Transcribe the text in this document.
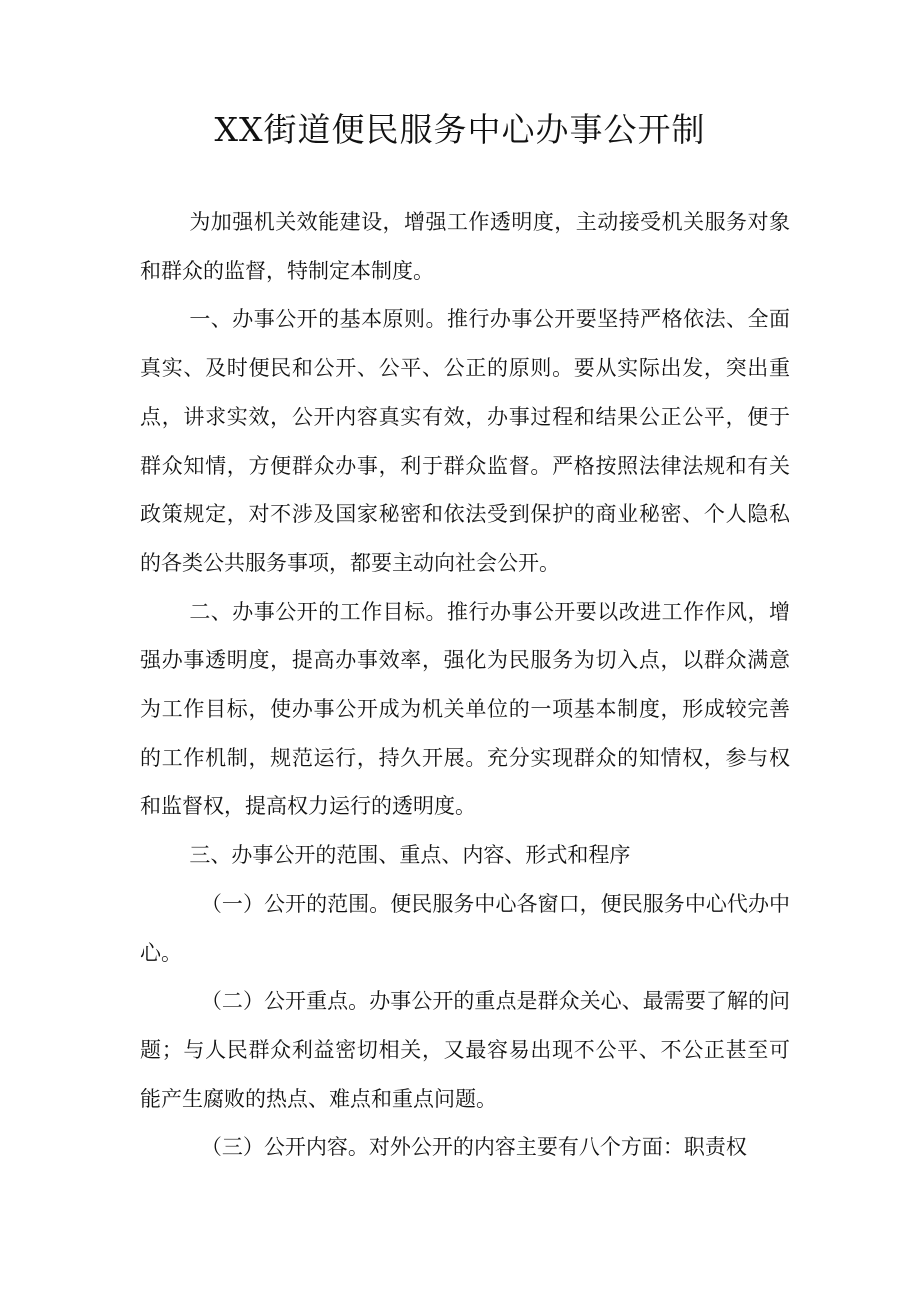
XX街道便民服务中心办事公开制

为加强机关效能建设，增强工作透明度，主动接受机关服务对象和群众的监督，特制定本制度。

一、办事公开的基本原则。推行办事公开要坚持严格依法、全面真实、及时便民和公开、公平、公正的原则。要从实际出发，突出重点，讲求实效，公开内容真实有效，办事过程和结果公正公平，便于群众知情，方便群众办事，利于群众监督。严格按照法律法规和有关政策规定，对不涉及国家秘密和依法受到保护的商业秘密、个人隐私的各类公共服务事项，都要主动向社会公开。

二、办事公开的工作目标。推行办事公开要以改进工作作风，增强办事透明度，提高办事效率，强化为民服务为切入点，以群众满意为工作目标，使办事公开成为机关单位的一项基本制度，形成较完善的工作机制，规范运行，持久开展。充分实现群众的知情权，参与权和监督权，提高权力运行的透明度。

三、办事公开的范围、重点、内容、形式和程序

（一）公开的范围。便民服务中心各窗口，便民服务中心代办中心。

（二）公开重点。办事公开的重点是群众关心、最需要了解的问题；与人民群众利益密切相关，又最容易出现不公平、不公正甚至可能产生腐败的热点、难点和重点问题。

（三）公开内容。对外公开的内容主要有八个方面：职责权
